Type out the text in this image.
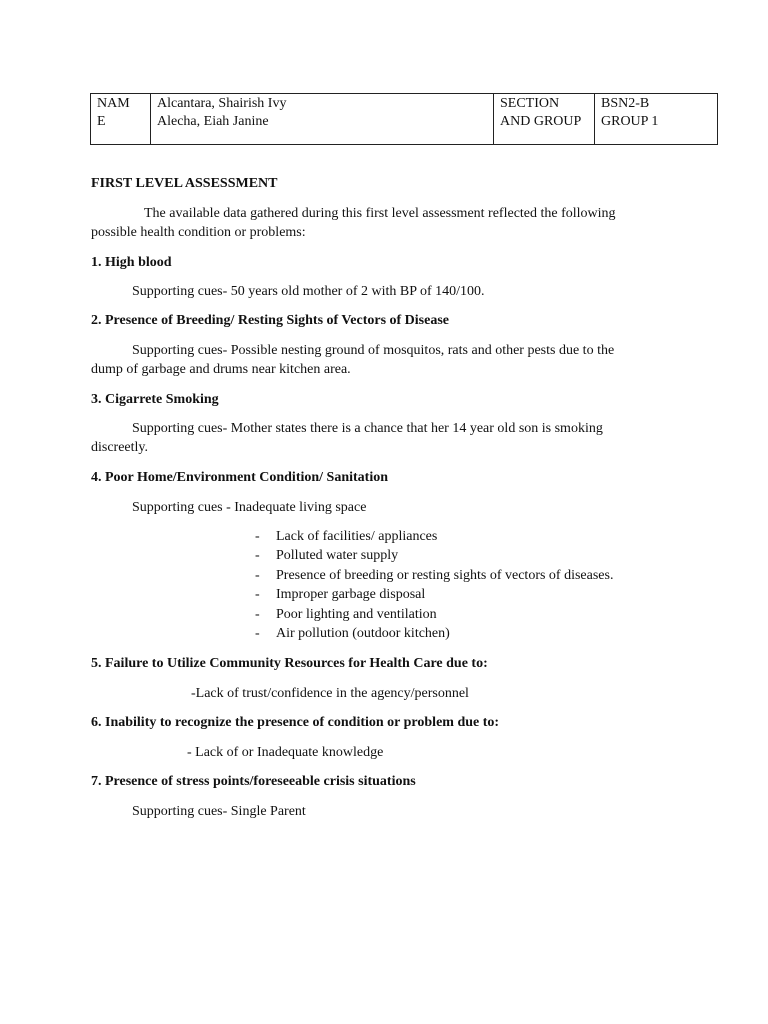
NAM
E
Alcantara, Shairish Ivy
Alecha, Eiah Janine
SECTION
AND GROUP
BSN2-B
GROUP 1
FIRST LEVEL ASSESSMENT
The available data gathered during this first level assessment reflected the following
possible health condition or problems:
1. High blood
Supporting cues- 50 years old mother of 2 with BP of 140/100.
2. Presence of Breeding/ Resting Sights of Vectors of Disease
Supporting cues- Possible nesting ground of mosquitos, rats and other pests due to the
dump of garbage and drums near kitchen area.
3. Cigarrete Smoking
Supporting cues- Mother states there is a chance that her 14 year old son is smoking
discreetly.
4. Poor Home/Environment Condition/ Sanitation
Supporting cues - Inadequate living space
- Lack of facilities/ appliances
- Polluted water supply
- Presence of breeding or resting sights of vectors of diseases.
- Improper garbage disposal
- Poor lighting and ventilation
- Air pollution (outdoor kitchen)
5. Failure to Utilize Community Resources for Health Care due to:
-Lack of trust/confidence in the agency/personnel
6. Inability to recognize the presence of condition or problem due to:
- Lack of or Inadequate knowledge
7. Presence of stress points/foreseeable crisis situations
Supporting cues- Single Parent
